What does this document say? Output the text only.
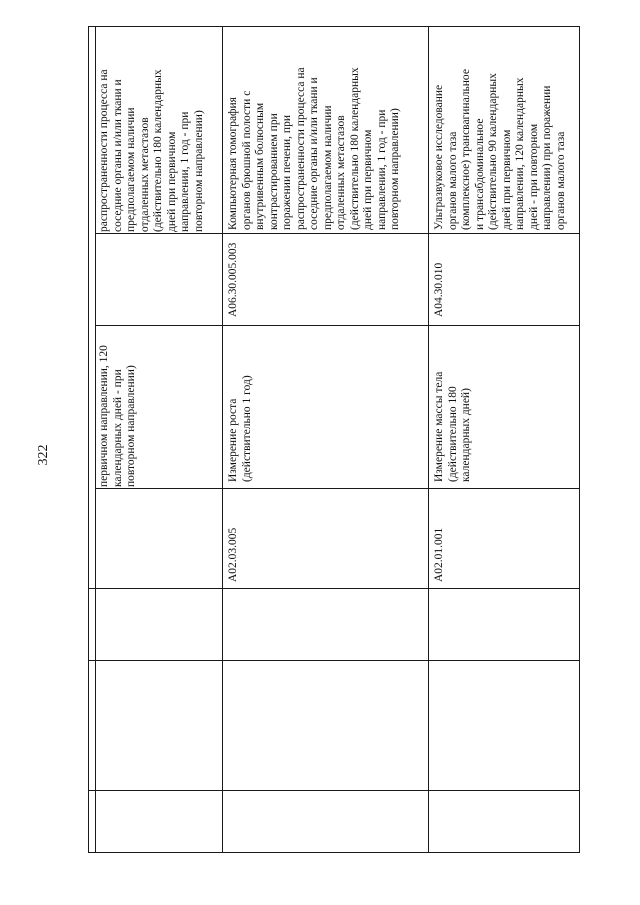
322	первичном направлении, 120
календарных дней - при
повторном направлении)
распространенности процесса на
соседние органы и/или ткани и
предполагаемом наличии
отдаленных метастазов
(действительно 180 календарных
дней при первичном
направлении, 1 год - при
повторном направлении)
A02.03.005
Измерение роста
(действительно 1 год)
A06.30.005.003
Компьютерная томография
органов брюшной полости с
внутривенным болюсным
контрастированием при
поражении печени, при
распространенности процесса на
соседние органы и/или ткани и
предполагаемом наличии
отдаленных метастазов
(действительно 180 календарных
дней при первичном
направлении, 1 год - при
повторном направлении)
A02.01.001
Измерение массы тела
(действительно 180
календарных дней)
A04.30.010
Ультразвуковое исследование
органов малого таза
(комплексное) трансвагинальное
и трансабдоминальное
(действительно 90 календарных
дней при первичном
направлении, 120 календарных
дней - при повторном
направлении) при поражении
органов малого таза
